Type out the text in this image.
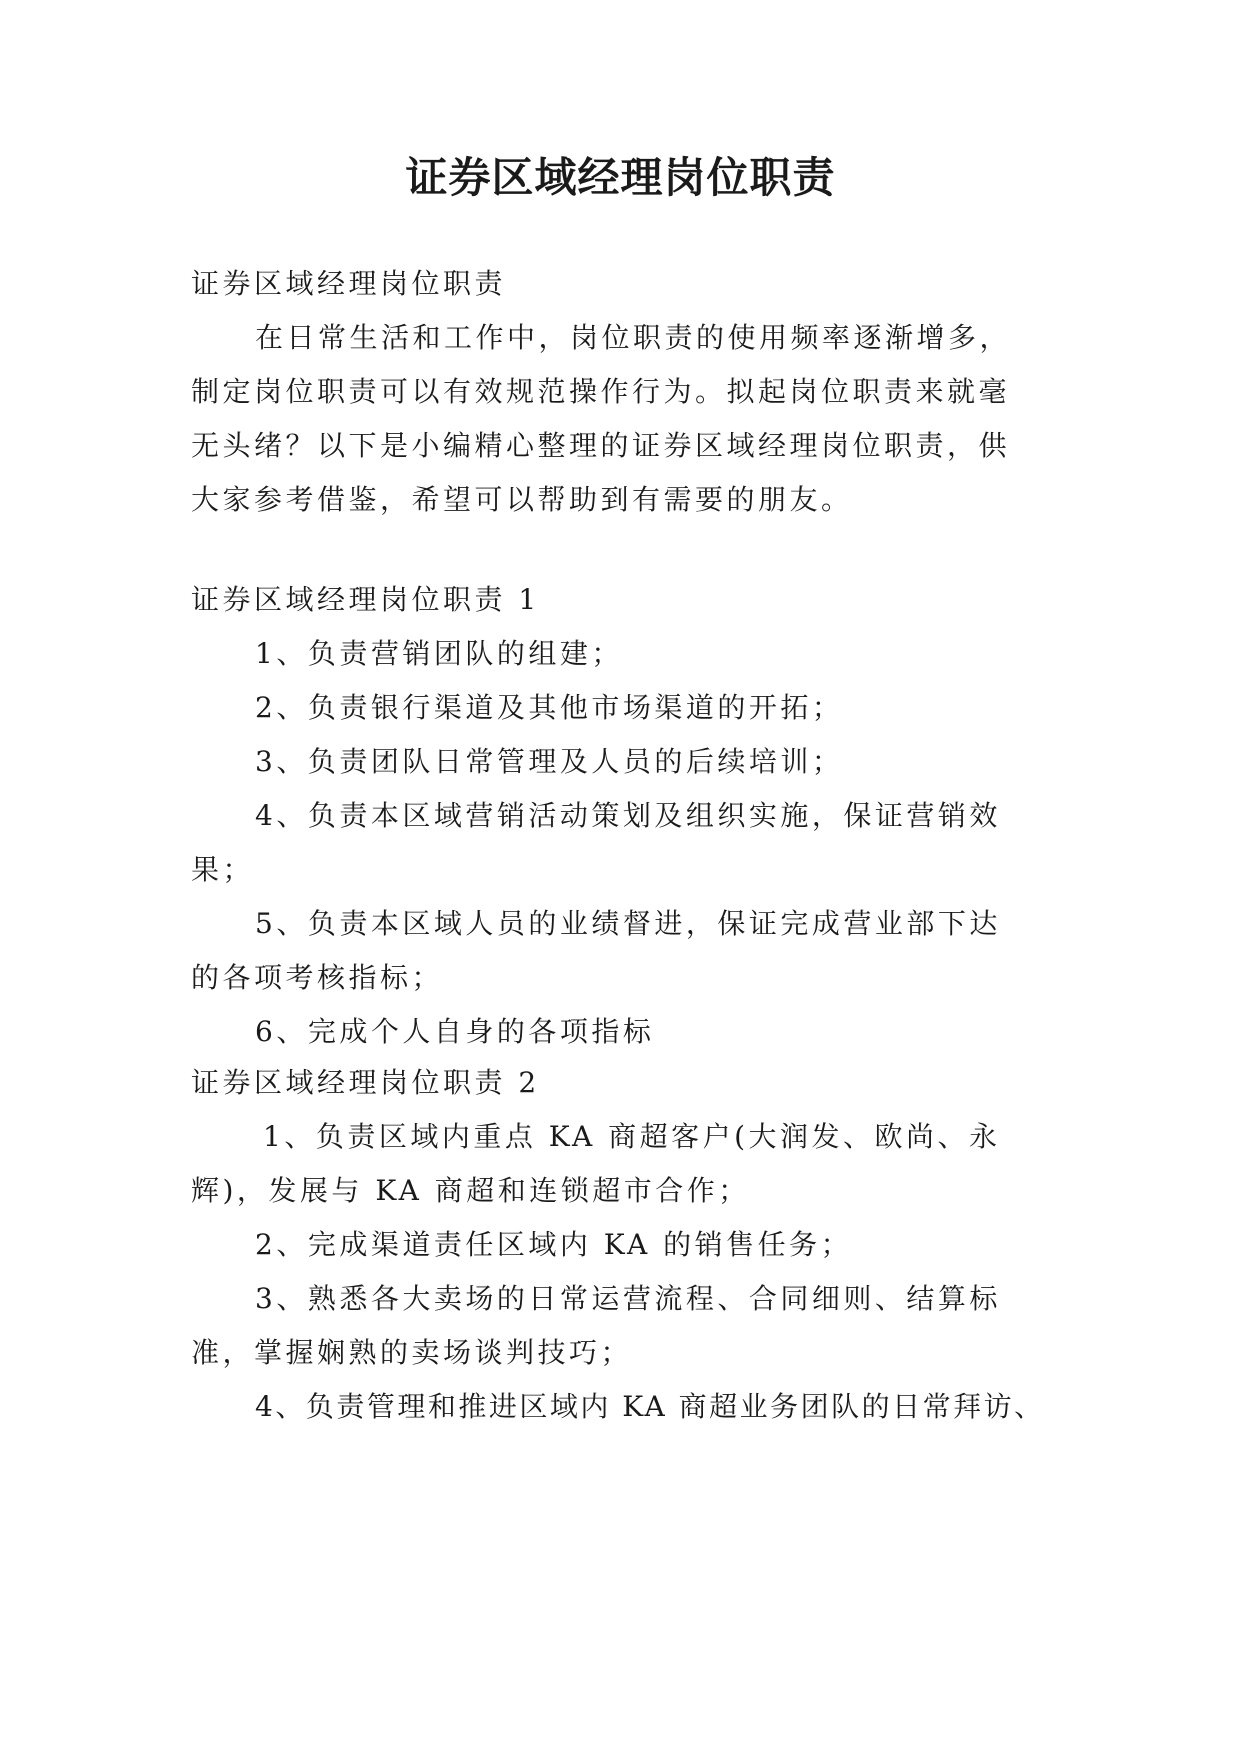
证券区域经理岗位职责
证券区域经理岗位职责
在日常生活和工作中，岗位职责的使用频率逐渐增多，
制定岗位职责可以有效规范操作行为。拟起岗位职责来就毫
无头绪？以下是小编精心整理的证券区域经理岗位职责，供
大家参考借鉴，希望可以帮助到有需要的朋友。
证券区域经理岗位职责 1
1、负责营销团队的组建；
2、负责银行渠道及其他市场渠道的开拓；
3、负责团队日常管理及人员的后续培训；
4、负责本区域营销活动策划及组织实施，保证营销效
果；
5、负责本区域人员的业绩督进，保证完成营业部下达
的各项考核指标；
6、完成个人自身的各项指标
证券区域经理岗位职责 2
1、负责区域内重点 KA 商超客户(大润发、欧尚、永
辉)，发展与 KA 商超和连锁超市合作；
2、完成渠道责任区域内 KA 的销售任务；
3、熟悉各大卖场的日常运营流程、合同细则、结算标
准，掌握娴熟的卖场谈判技巧；
4、负责管理和推进区域内 KA 商超业务团队的日常拜访、
